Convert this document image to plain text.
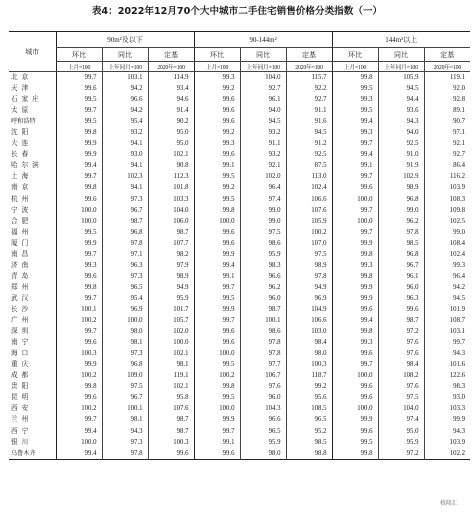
表4：2022年12月70个大中城市二手住宅销售价格分类指数（一）
城市	90m²及以下			90-144m²			144m²以上		
	环比	同比	定基	环比	同比	定基	环比	同比	定基
	上月=100	上年同月=100	2020年=100	上月=100	上年同月=100	2020年=100	上月=100	上年同月=100	2020年=100
北京	99.7	103.1	114.9	99.3	104.0	115.7	99.8	105.9	119.1
天津	99.6	94.2	93.4	99.2	92.7	92.2	99.5	94.5	92.0
石家庄	99.5	96.6	94.6	99.6	96.1	92.7	99.3	94.4	92.8
太原	99.7	94.2	91.4	99.6	94.0	91.1	99.5	93.6	89.1
呼和浩特	99.5	95.4	90.2	99.6	94.5	91.6	99.4	94.3	90.7
沈阳	99.8	93.2	95.0	99.2	93.2	94.5	99.3	94.0	97.1
大连	99.9	94.1	95.0	99.3	91.1	91.2	99.7	92.5	92.1
长春	99.9	93.0	102.1	99.6	93.2	92.5	99.4	91.0	92.7
哈尔滨	99.4	94.1	90.8	99.1	92.1	87.5	99.1	91.9	86.4
上海	99.7	102.3	112.3	99.5	102.0	113.0	99.7	102.9	116.2
南京	99.8	94.1	101.8	99.2	96.4	102.4	99.6	98.9	103.9
杭州	99.6	97.3	103.3	99.5	97.4	106.6	100.0	96.8	108.3
宁波	100.0	96.7	104.0	99.8	99.0	107.6	99.7	99.0	109.8
合肥	100.0	98.7	106.0	100.0	99.0	105.9	100.0	96.2	102.5
福州	99.5	96.8	98.7	99.6	97.5	100.2	99.7	97.8	99.0
厦门	99.9	97.8	107.7	99.6	98.6	107.0	99.9	98.5	108.4
南昌	99.7	97.1	98.2	99.9	95.9	97.5	99.8	96.8	102.4
济南	99.3	96.3	97.9	99.4	98.3	98.9	99.3	96.7	99.3
青岛	99.6	97.3	98.9	99.1	96.6	97.8	99.8	96.1	96.4
郑州	99.8	96.5	94.9	99.7	96.2	94.9	99.9	96.0	94.2
武汉	99.7	95.4	95.9	99.5	96.0	96.9	99.9	96.3	94.5
长沙	100.1	96.9	101.7	99.9	98.7	104.9	99.6	99.6	101.9
广州	100.2	100.0	105.7	99.7	100.1	106.6	99.4	98.7	108.7
深圳	99.7	98.0	102.0	99.6	98.6	103.0	99.8	97.2	103.1
南宁	99.6	98.1	100.0	99.6	97.8	98.4	99.3	97.6	99.7
海口	100.3	97.3	102.1	100.0	97.8	98.0	99.6	97.6	94.3
重庆	99.9	96.8	98.1	99.5	97.7	100.3	99.7	98.4	101.6
成都	100.2	109.0	119.1	100.2	106.7	118.7	100.0	108.2	122.6
贵阳	99.8	97.5	102.1	99.8	97.6	99.2	99.6	97.6	98.3
昆明	99.6	96.7	95.8	99.5	96.0	95.6	99.6	97.5	93.0
西安	100.2	100.1	107.6	100.0	104.3	108.5	100.0	104.0	103.3
兰州	99.7	98.1	98.7	99.9	96.6	96.5	99.9	97.4	99.9
西宁	99.4	94.3	98.7	99.7	96.5	95.2	99.6	95.0	94.3
银川	100.0	97.3	100.3	99.1	95.9	98.5	99.5	95.9	103.9
乌鲁木齐	99.4	97.8	99.6	99.6	98.0	98.8	99.8	97.2	102.2
格隆汇
